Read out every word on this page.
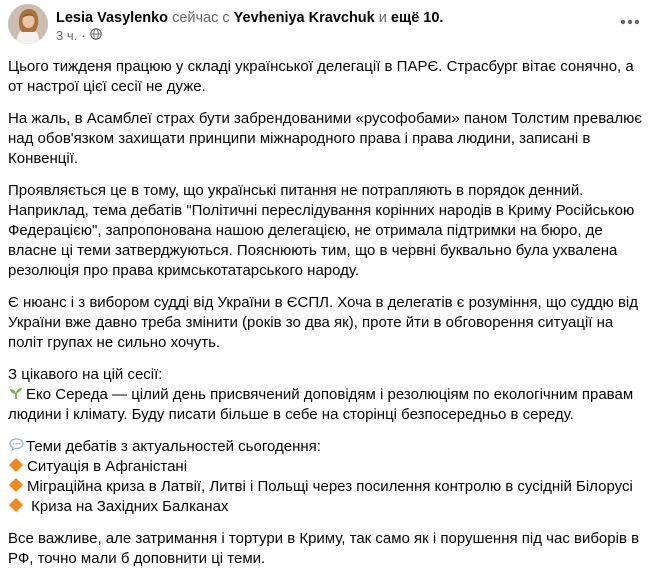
Lesia Vasylenko сейчас с Yevheniya Kravchuk и ещё 10.
3 ч. ·

Цього тижденя працюю у складі української делегації в ПАРЄ. Страсбург вітає сонячно, а от настрої цієї сесії не дуже.

На жаль, в Асамблеї страх бути забрендованими «русофобами» паном Толстим превалює над обов'язком захищати принципи міжнародного права і права людини, записані в Конвенції.

Проявляється це в тому, що українські питання не потрапляють в порядок денний. Наприклад, тема дебатів "Політичні переслідування корінних народів в Криму Російською Федерацією", запропонована нашою делегацією, не отримала підтримки на бюро, де власне ці теми затверджуються. Пояснюють тим, що в червні буквально була ухвалена резолюція про права кримськотатарського народу.

Є нюанс і з вибором судді від України в ЄСПЛ. Хоча в делегатів є розуміння, що суддю від України вже давно треба змінити (років зо два як), проте йти в обговорення ситуації на політ групах не сильно хочуть.

З цікавого на цій сесії:
Еко Середа — цілий день присвячений доповідям і резолюціям по екологічним правам людини і клімату. Буду писати більше в себе на сторінці безпосередньо в середу.

Теми дебатів з актуальностей сьогодення:
Ситуація в Афганістані
Міграційна криза в Латвії, Литві і Польщі через посилення контролю в сусідній Білорусі
Криза на Західних Балканах

Все важливе, але затримання і тортури в Криму, так само як і порушення під час виборів в РФ, точно мали б доповнити ці теми.
